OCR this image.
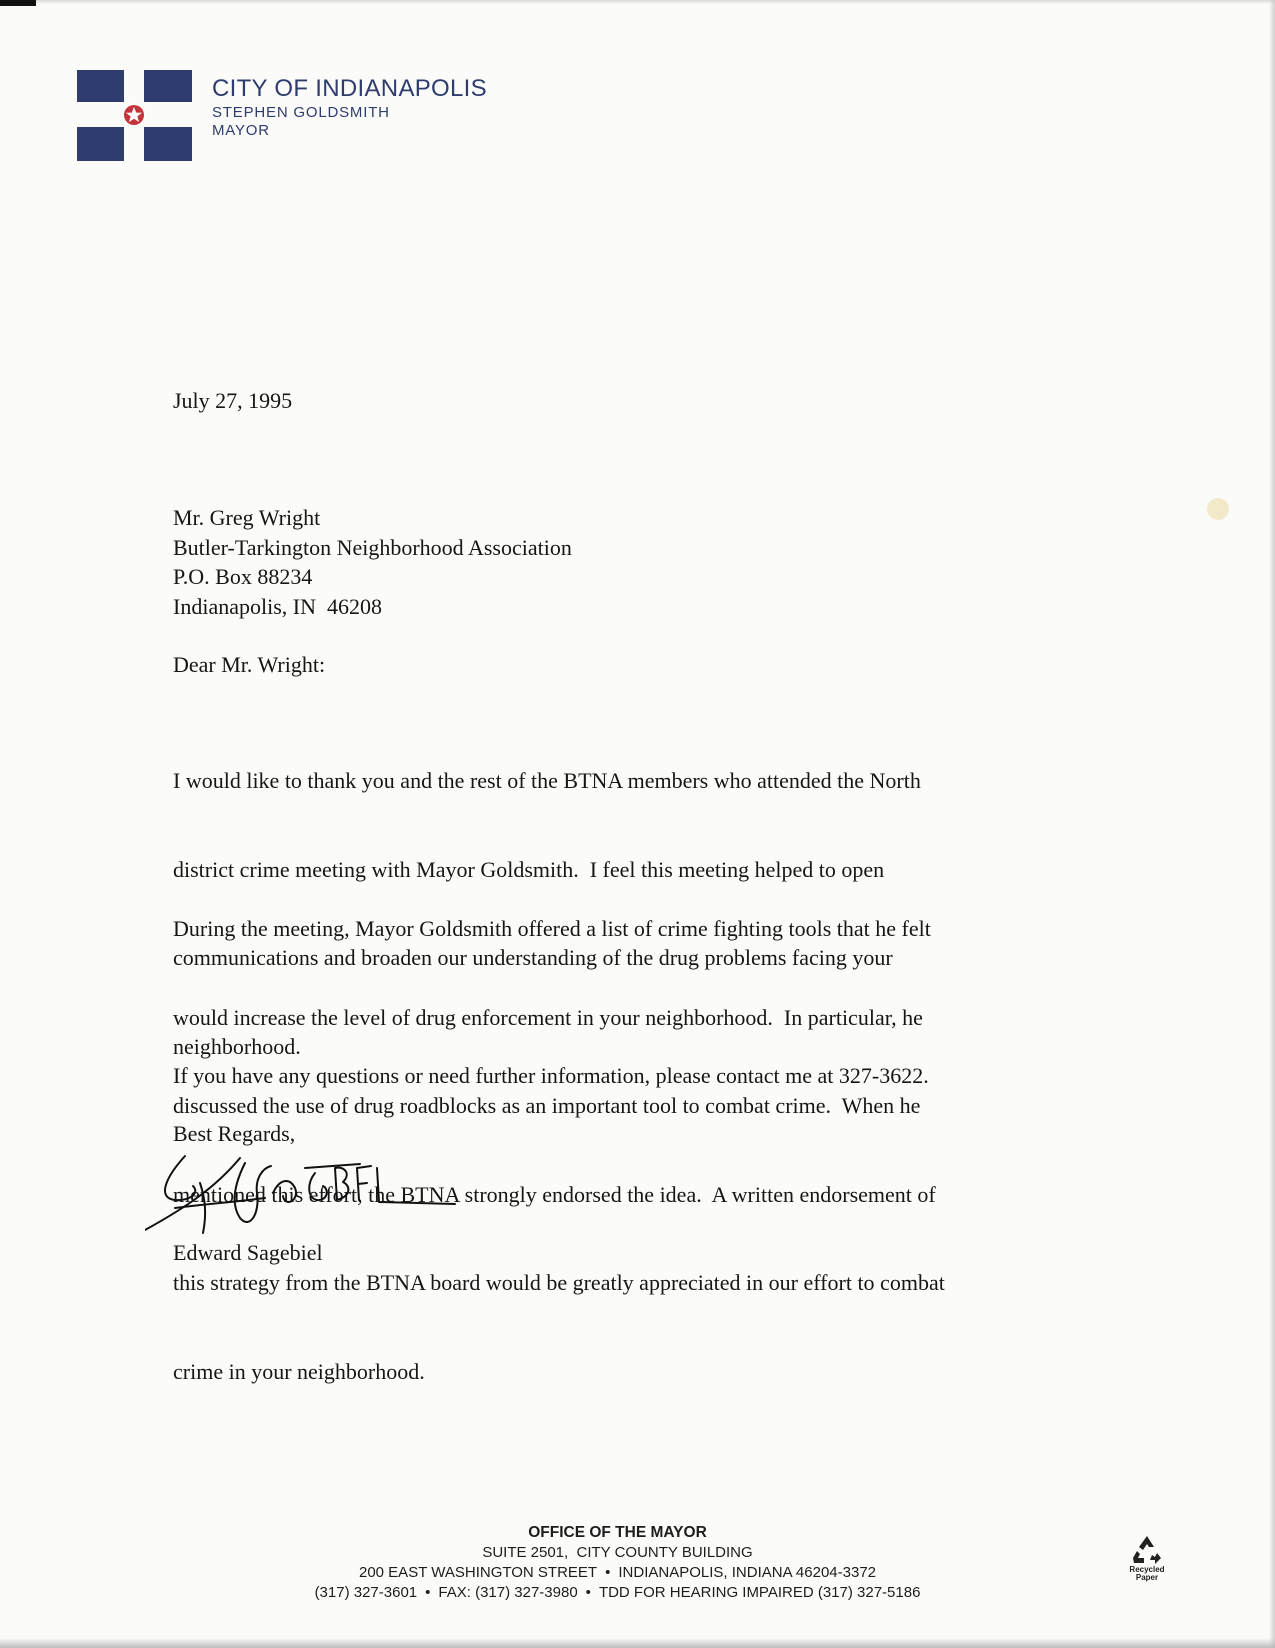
CITY OF INDIANAPOLIS
STEPHEN GOLDSMITH
MAYOR
July 27, 1995
Mr. Greg Wright
Butler-Tarkington Neighborhood Association
P.O. Box 88234
Indianapolis, IN  46208
Dear Mr. Wright:

I would like to thank you and the rest of the BTNA members who attended the North

district crime meeting with Mayor Goldsmith.  I feel this meeting helped to open

communications and broaden our understanding of the drug problems facing your

neighborhood.

During the meeting, Mayor Goldsmith offered a list of crime fighting tools that he felt

would increase the level of drug enforcement in your neighborhood.  In particular, he

discussed the use of drug roadblocks as an important tool to combat crime.  When he

mentioned this effort, the BTNA strongly endorsed the idea.  A written endorsement of

this strategy from the BTNA board would be greatly appreciated in our effort to combat

crime in your neighborhood.

If you have any questions or need further information, please contact me at 327-3622.
Best Regards,
Edward Sagebiel
OFFICE OF THE MAYOR
SUITE 2501,  CITY COUNTY BUILDING
200 EAST WASHINGTON STREET • INDIANAPOLIS, INDIANA 46204-3372
(317) 327-3601 • FAX: (317) 327-3980 • TDD FOR HEARING IMPAIRED (317) 327-5186
Recycled
Paper
